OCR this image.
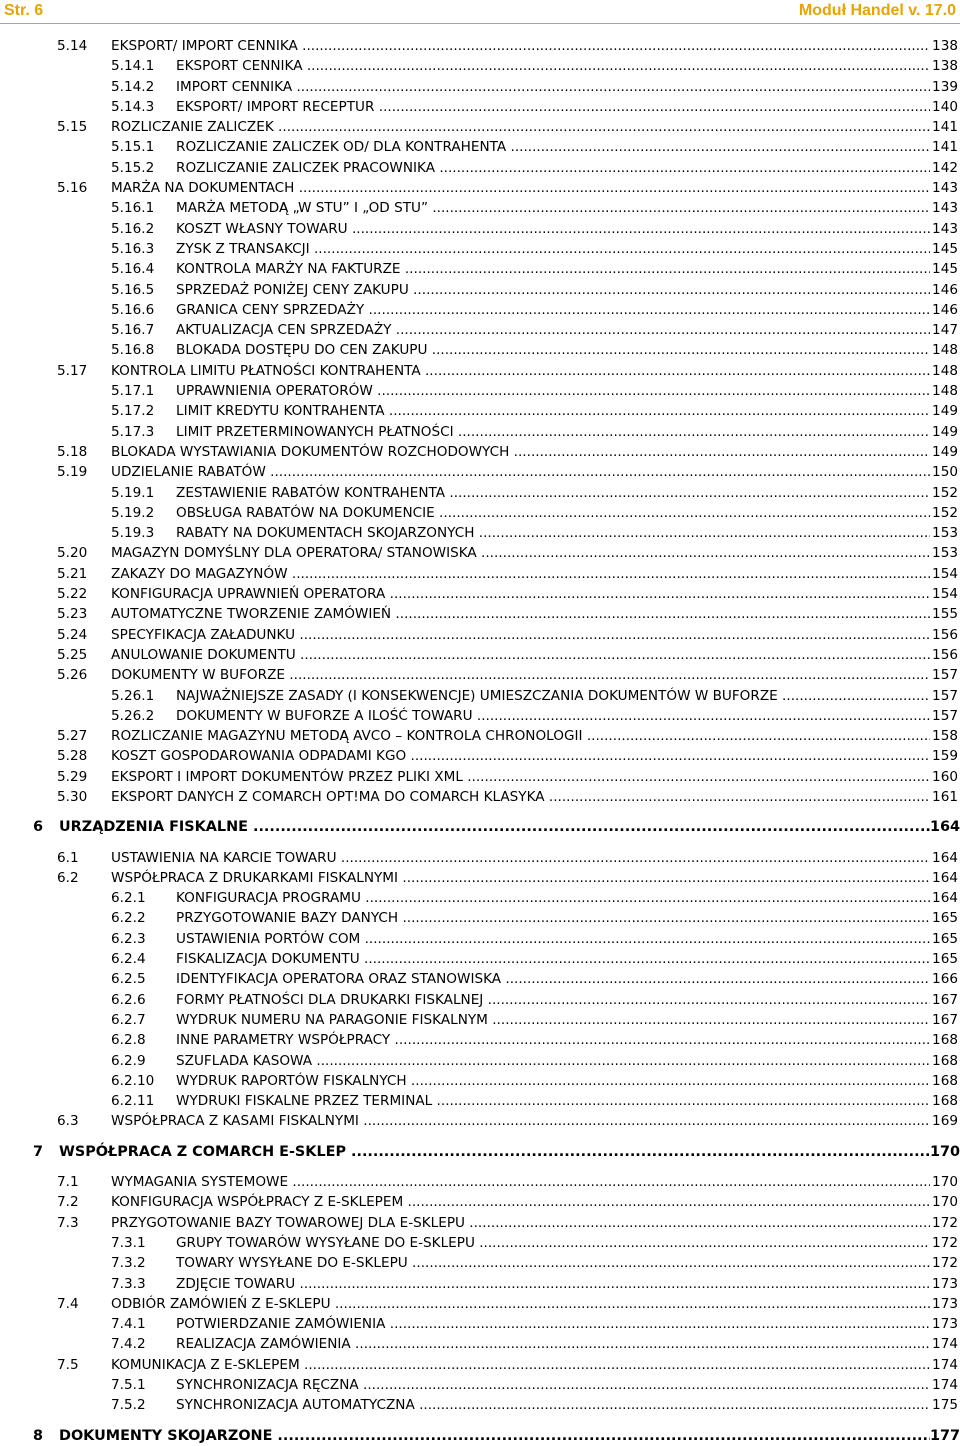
Str. 6	Moduł Handel v. 17.0
5.14 EKSPORT/ IMPORT CENNIKA .....	138
5.14.1 EKSPORT CENNIKA .....	138
5.14.2 IMPORT CENNIKA .....	139
5.14.3 EKSPORT/ IMPORT RECEPTUR .....	140
5.15 ROZLICZANIE ZALICZEK .....	141
5.15.1 ROZLICZANIE ZALICZEK OD/ DLA KONTRAHENTA .....	141
5.15.2 ROZLICZANIE ZALICZEK PRACOWNIKA .....	142
5.16 MARŻA NA DOKUMENTACH .....	143
5.16.1 MARŻA METODĄ „W STU” I „OD STU” .....	143
5.16.2 KOSZT WŁASNY TOWARU .....	143
5.16.3 ZYSK Z TRANSAKCJI .....	145
5.16.4 KONTROLA MARŻY NA FAKTURZE .....	145
5.16.5 SPRZEDAŻ PONIŻEJ CENY ZAKUPU .....	146
5.16.6 GRANICA CENY SPRZEDAŻY .....	146
5.16.7 AKTUALIZACJA CEN SPRZEDAŻY .....	147
5.16.8 BLOKADA DOSTĘPU DO CEN ZAKUPU .....	148
5.17 KONTROLA LIMITU PŁATNOŚCI KONTRAHENTA .....	148
5.17.1 UPRAWNIENIA OPERATORÓW .....	148
5.17.2 LIMIT KREDYTU KONTRAHENTA .....	149
5.17.3 LIMIT PRZETERMINOWANYCH PŁATNOŚCI .....	149
5.18 BLOKADA WYSTAWIANIA DOKUMENTÓW ROZCHODOWYCH .....	149
5.19 UDZIELANIE RABATÓW .....	150
5.19.1 ZESTAWIENIE RABATÓW KONTRAHENTA .....	152
5.19.2 OBSŁUGA RABATÓW NA DOKUMENCIE .....	152
5.19.3 RABATY NA DOKUMENTACH SKOJARZONYCH .....	153
5.20 MAGAZYN DOMYŚLNY DLA OPERATORA/ STANOWISKA .....	153
5.21 ZAKAZY DO MAGAZYNÓW .....	154
5.22 KONFIGURACJA UPRAWNIEŃ OPERATORA .....	154
5.23 AUTOMATYCZNE TWORZENIE ZAMÓWIEŃ .....	155
5.24 SPECYFIKACJA ZAŁADUNKU .....	156
5.25 ANULOWANIE DOKUMENTU .....	156
5.26 DOKUMENTY W BUFORZE .....	157
5.26.1 NAJWAŻNIEJSZE ZASADY (I KONSEKWENCJE) UMIESZCZANIA DOKUMENTÓW W BUFORZE .....	157
5.26.2 DOKUMENTY W BUFORZE A ILOŚĆ TOWARU .....	157
5.27 ROZLICZANIE MAGAZYNU METODĄ AVCO – KONTROLA CHRONOLOGII .....	158
5.28 KOSZT GOSPODAROWANIA ODPADAMI KGO .....	159
5.29 EKSPORT I IMPORT DOKUMENTÓW PRZEZ PLIKI XML .....	160
5.30 EKSPORT DANYCH Z COMARCH OPT!MA DO COMARCH KLASYKA .....	161
6 URZĄDZENIA FISKALNE .....	164
6.1 USTAWIENIA NA KARCIE TOWARU .....	164
6.2 WSPÓŁPRACA Z DRUKARKAMI FISKALNYMI .....	164
6.2.1 KONFIGURACJA PROGRAMU .....	164
6.2.2 PRZYGOTOWANIE BAZY DANYCH .....	165
6.2.3 USTAWIENIA PORTÓW COM .....	165
6.2.4 FISKALIZACJA DOKUMENTU .....	165
6.2.5 IDENTYFIKACJA OPERATORA ORAZ STANOWISKA .....	166
6.2.6 FORMY PŁATNOŚCI DLA DRUKARKI FISKALNEJ .....	167
6.2.7 WYDRUK NUMERU NA PARAGONIE FISKALNYM .....	167
6.2.8 INNE PARAMETRY WSPÓŁPRACY .....	168
6.2.9 SZUFLADA KASOWA .....	168
6.2.10 WYDRUK RAPORTÓW FISKALNYCH .....	168
6.2.11 WYDRUKI FISKALNE PRZEZ TERMINAL .....	168
6.3 WSPÓŁPRACA Z KASAMI FISKALNYMI .....	169
7 WSPÓŁPRACA Z COMARCH E-SKLEP .....	170
7.1 WYMAGANIA SYSTEMOWE .....	170
7.2 KONFIGURACJA WSPÓŁPRACY Z E-SKLEPEM .....	170
7.3 PRZYGOTOWANIE BAZY TOWAROWEJ DLA E-SKLEPU .....	172
7.3.1 GRUPY TOWARÓW WYSYŁANE DO E-SKLEPU .....	172
7.3.2 TOWARY WYSYŁANE DO E-SKLEPU .....	172
7.3.3 ZDJĘCIE TOWARU .....	173
7.4 ODBIÓR ZAMÓWIEŃ Z E-SKLEPU .....	173
7.4.1 POTWIERDZANIE ZAMÓWIENIA .....	173
7.4.2 REALIZACJA ZAMÓWIENIA .....	174
7.5 KOMUNIKACJA Z E-SKLEPEM .....	174
7.5.1 SYNCHRONIZACJA RĘCZNA .....	174
7.5.2 SYNCHRONIZACJA AUTOMATYCZNA .....	175
8 DOKUMENTY SKOJARZONE .....	177
